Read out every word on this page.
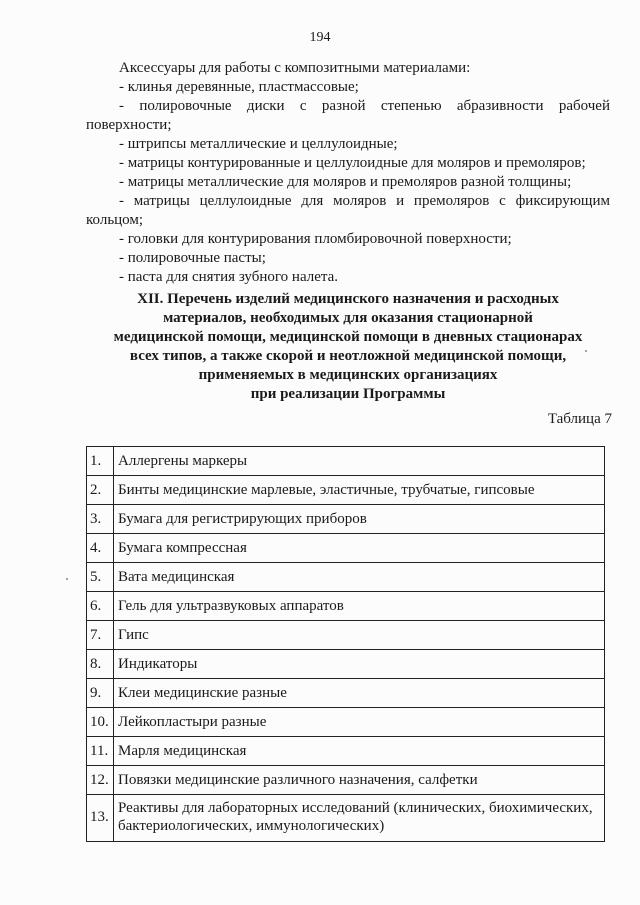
194
Аксессуары для работы с композитными материалами:
- клинья деревянные, пластмассовые;
- полировочные диски с разной степенью абразивности рабочей
поверхности;
- штрипсы металлические и целлулоидные;
- матрицы контурированные и целлулоидные для моляров и премоляров;
- матрицы металлические для моляров и премоляров разной толщины;
- матрицы целлулоидные для моляров и премоляров с фиксирующим
кольцом;
- головки для контурирования пломбировочной поверхности;
- полировочные пасты;
- паста для снятия зубного налета.
XII. Перечень изделий медицинского назначения и расходных
материалов, необходимых для оказания стационарной
медицинской помощи, медицинской помощи в дневных стационарах
всех типов, а также скорой и неотложной медицинской помощи,
применяемых в медицинских организациях
при реализации Программы
Таблица 7
1.	Аллергены маркеры
2.	Бинты медицинские марлевые, эластичные, трубчатые, гипсовые
3.	Бумага для регистрирующих приборов
4.	Бумага компрессная
5.	Вата медицинская
6.	Гель для ультразвуковых аппаратов
7.	Гипс
8.	Индикаторы
9.	Клеи медицинские разные
10.	Лейкопластыри разные
11.	Марля медицинская
12.	Повязки медицинские различного назначения, салфетки
13.	Реактивы для лабораторных исследований (клинических, биохимических, бактериологических, иммунологических)
